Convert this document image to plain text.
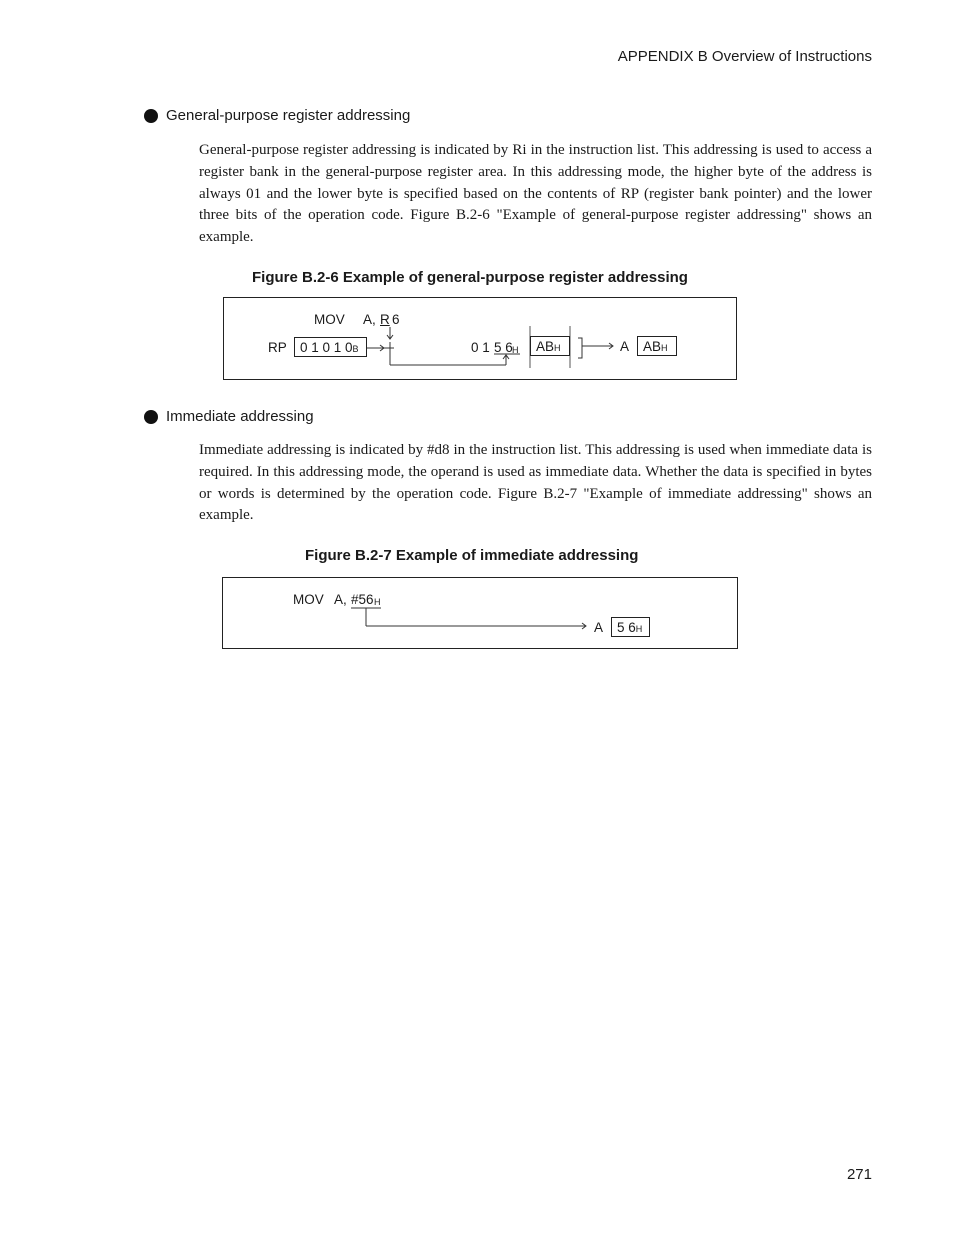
APPENDIX B Overview of Instructions
General-purpose register addressing
General-purpose register addressing is indicated by Ri in the instruction list. This addressing is used to access a register bank in the general-purpose register area. In this addressing mode, the higher byte of the address is always 01 and the lower byte is specified based on the contents of RP (register bank pointer) and the lower three bits of the operation code. Figure B.2-6 "Example of general-purpose register addressing" shows an example.
Figure B.2-6 Example of general-purpose register addressing
MOV A, R 6
RP 0 1 0 1 0B	0 1 5 6 H	ABH	A	ABH
Immediate addressing
Immediate addressing is indicated by #d8 in the instruction list. This addressing is used when immediate data is required. In this addressing mode, the operand is used as immediate data. Whether the data is specified in bytes or words is determined by the operation code. Figure B.2-7 "Example of immediate addressing" shows an example.
Figure B.2-7 Example of immediate addressing
MOV A, #56 H
A	5 6H
271
